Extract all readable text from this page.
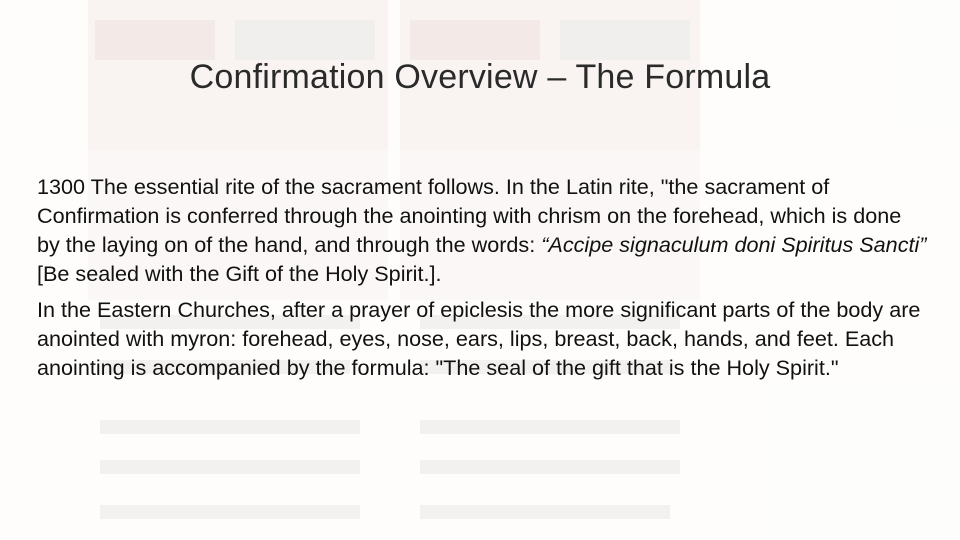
Confirmation Overview – The Formula

1300 The essential rite of the sacrament follows. In the Latin rite, "the sacrament of Confirmation is conferred through the anointing with chrism on the forehead, which is done by the laying on of the hand, and through the words: “Accipe signaculum doni Spiritus Sancti” [Be sealed with the Gift of the Holy Spirit.].

In the Eastern Churches, after a prayer of epiclesis the more significant parts of the body are anointed with myron: forehead, eyes, nose, ears, lips, breast, back, hands, and feet. Each anointing is accompanied by the formula: "The seal of the gift that is the Holy Spirit."
